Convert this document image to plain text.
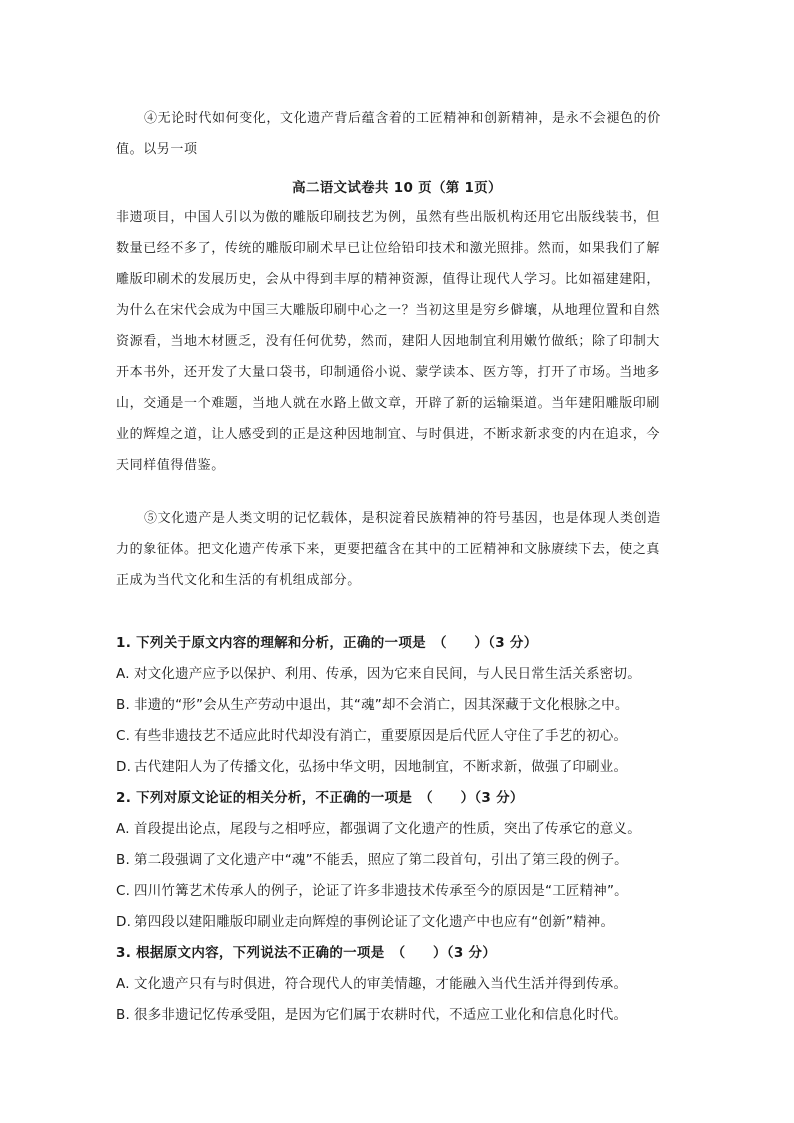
④无论时代如何变化，文化遗产背后蕴含着的工匠精神和创新精神，是永不会褪色的价
值。以另一项
高二语文试卷共 10 页（第 1页）
非遗项目，中国人引以为傲的雕版印刷技艺为例，虽然有些出版机构还用它出版线装书，但
数量已经不多了，传统的雕版印刷术早已让位给铅印技术和激光照排。然而，如果我们了解
雕版印刷术的发展历史，会从中得到丰厚的精神资源，值得让现代人学习。比如福建建阳，
为什么在宋代会成为中国三大雕版印刷中心之一？当初这里是穷乡僻壤，从地理位置和自然
资源看，当地木材匮乏，没有任何优势，然而，建阳人因地制宜利用嫩竹做纸；除了印制大
开本书外，还开发了大量口袋书，印制通俗小说、蒙学读本、医方等，打开了市场。当地多
山，交通是一个难题，当地人就在水路上做文章，开辟了新的运输渠道。当年建阳雕版印刷
业的辉煌之道，让人感受到的正是这种因地制宜、与时俱进，不断求新求变的内在追求，今
天同样值得借鉴。
⑤文化遗产是人类文明的记忆载体，是积淀着民族精神的符号基因，也是体现人类创造
力的象征体。把文化遗产传承下来，更要把蕴含在其中的工匠精神和文脉赓续下去，使之真
正成为当代文化和生活的有机组成部分。
1. 下列关于原文内容的理解和分析，正确的一项是　（　　）（3 分）
A. 对文化遗产应予以保护、利用、传承，因为它来自民间，与人民日常生活关系密切。
B. 非遗的“形”会从生产劳动中退出，其“魂”却不会消亡，因其深藏于文化根脉之中。
C. 有些非遗技艺不适应此时代却没有消亡，重要原因是后代匠人守住了手艺的初心。
D. 古代建阳人为了传播文化，弘扬中华文明，因地制宜，不断求新，做强了印刷业。
2. 下列对原文论证的相关分析，不正确的一项是　（　　）（3 分）
A. 首段提出论点，尾段与之相呼应，都强调了文化遗产的性质，突出了传承它的意义。
B. 第二段强调了文化遗产中“魂”不能丢，照应了第二段首句，引出了第三段的例子。
C. 四川竹篝艺术传承人的例子，论证了许多非遗技术传承至今的原因是“工匠精神”。
D. 第四段以建阳雕版印刷业走向辉煌的事例论证了文化遗产中也应有“创新”精神。
3. 根据原文内容，下列说法不正确的一项是　（　　）（3 分）
A. 文化遗产只有与时俱进，符合现代人的审美情趣，才能融入当代生活并得到传承。
B. 很多非遗记忆传承受阻，是因为它们属于农耕时代，不适应工业化和信息化时代。
